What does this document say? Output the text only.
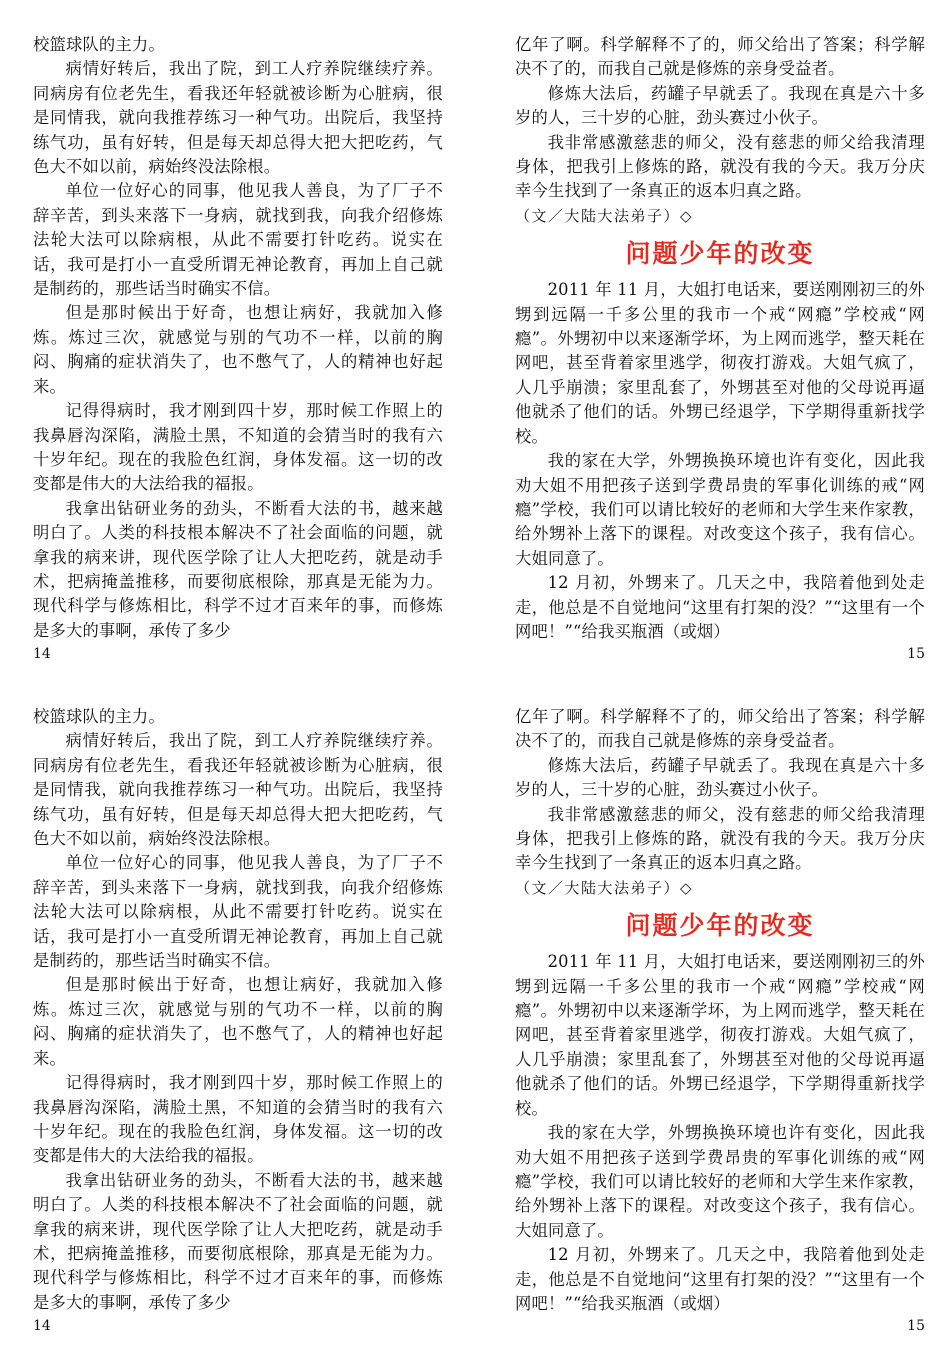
校篮球队的主力。

病情好转后，我出了院，到工人疗养院继续疗养。同病房有位老先生，看我还年轻就被诊断为心脏病，很是同情我，就向我推荐练习一种气功。出院后，我坚持练气功，虽有好转，但是每天却总得大把大把吃药，气色大不如以前，病始终没法除根。

单位一位好心的同事，他见我人善良，为了厂子不辞辛苦，到头来落下一身病，就找到我，向我介绍修炼法轮大法可以除病根，从此不需要打针吃药。说实在话，我可是打小一直受所谓无神论教育，再加上自己就是制药的，那些话当时确实不信。

但是那时候出于好奇，也想让病好，我就加入修炼。炼过三次，就感觉与别的气功不一样，以前的胸闷、胸痛的症状消失了，也不憋气了，人的精神也好起来。

记得得病时，我才刚到四十岁，那时候工作照上的我鼻唇沟深陷，满脸土黑，不知道的会猜当时的我有六十岁年纪。现在的我脸色红润，身体发福。这一切的改变都是伟大的大法给我的福报。

我拿出钻研业务的劲头，不断看大法的书，越来越明白了。人类的科技根本解决不了社会面临的问题，就拿我的病来讲，现代医学除了让人大把吃药，就是动手术，把病掩盖推移，而要彻底根除，那真是无能为力。现代科学与修炼相比，科学不过才百来年的事，而修炼是多大的事啊，承传了多少

14

亿年了啊。科学解释不了的，师父给出了答案；科学解决不了的，而我自己就是修炼的亲身受益者。

修炼大法后，药罐子早就丢了。我现在真是六十多岁的人，三十岁的心脏，劲头赛过小伙子。

我非常感激慈悲的师父，没有慈悲的师父给我清理身体，把我引上修炼的路，就没有我的今天。我万分庆幸今生找到了一条真正的返本归真之路。

（文／大陆大法弟子）◇

问题少年的改变

2011 年 11 月，大姐打电话来，要送刚刚初三的外甥到远隔一千多公里的我市一个戒“网瘾”学校戒“网瘾”。外甥初中以来逐渐学坏，为上网而逃学，整天耗在网吧，甚至背着家里逃学，彻夜打游戏。大姐气疯了，人几乎崩溃；家里乱套了，外甥甚至对他的父母说再逼他就杀了他们的话。外甥已经退学，下学期得重新找学校。

我的家在大学，外甥换换环境也许有变化，因此我劝大姐不用把孩子送到学费昂贵的军事化训练的戒“网瘾”学校，我们可以请比较好的老师和大学生来作家教，给外甥补上落下的课程。对改变这个孩子，我有信心。大姐同意了。

12 月初，外甥来了。几天之中，我陪着他到处走走，他总是不自觉地问“这里有打架的没？”“这里有一个网吧！”“给我买瓶酒（或烟）

15

校篮球队的主力。

病情好转后，我出了院，到工人疗养院继续疗养。同病房有位老先生，看我还年轻就被诊断为心脏病，很是同情我，就向我推荐练习一种气功。出院后，我坚持练气功，虽有好转，但是每天却总得大把大把吃药，气色大不如以前，病始终没法除根。

单位一位好心的同事，他见我人善良，为了厂子不辞辛苦，到头来落下一身病，就找到我，向我介绍修炼法轮大法可以除病根，从此不需要打针吃药。说实在话，我可是打小一直受所谓无神论教育，再加上自己就是制药的，那些话当时确实不信。

但是那时候出于好奇，也想让病好，我就加入修炼。炼过三次，就感觉与别的气功不一样，以前的胸闷、胸痛的症状消失了，也不憋气了，人的精神也好起来。

记得得病时，我才刚到四十岁，那时候工作照上的我鼻唇沟深陷，满脸土黑，不知道的会猜当时的我有六十岁年纪。现在的我脸色红润，身体发福。这一切的改变都是伟大的大法给我的福报。

我拿出钻研业务的劲头，不断看大法的书，越来越明白了。人类的科技根本解决不了社会面临的问题，就拿我的病来讲，现代医学除了让人大把吃药，就是动手术，把病掩盖推移，而要彻底根除，那真是无能为力。现代科学与修炼相比，科学不过才百来年的事，而修炼是多大的事啊，承传了多少

14

亿年了啊。科学解释不了的，师父给出了答案；科学解决不了的，而我自己就是修炼的亲身受益者。

修炼大法后，药罐子早就丢了。我现在真是六十多岁的人，三十岁的心脏，劲头赛过小伙子。

我非常感激慈悲的师父，没有慈悲的师父给我清理身体，把我引上修炼的路，就没有我的今天。我万分庆幸今生找到了一条真正的返本归真之路。

（文／大陆大法弟子）◇

问题少年的改变

2011 年 11 月，大姐打电话来，要送刚刚初三的外甥到远隔一千多公里的我市一个戒“网瘾”学校戒“网瘾”。外甥初中以来逐渐学坏，为上网而逃学，整天耗在网吧，甚至背着家里逃学，彻夜打游戏。大姐气疯了，人几乎崩溃；家里乱套了，外甥甚至对他的父母说再逼他就杀了他们的话。外甥已经退学，下学期得重新找学校。

我的家在大学，外甥换换环境也许有变化，因此我劝大姐不用把孩子送到学费昂贵的军事化训练的戒“网瘾”学校，我们可以请比较好的老师和大学生来作家教，给外甥补上落下的课程。对改变这个孩子，我有信心。大姐同意了。

12 月初，外甥来了。几天之中，我陪着他到处走走，他总是不自觉地问“这里有打架的没？”“这里有一个网吧！”“给我买瓶酒（或烟）

15
